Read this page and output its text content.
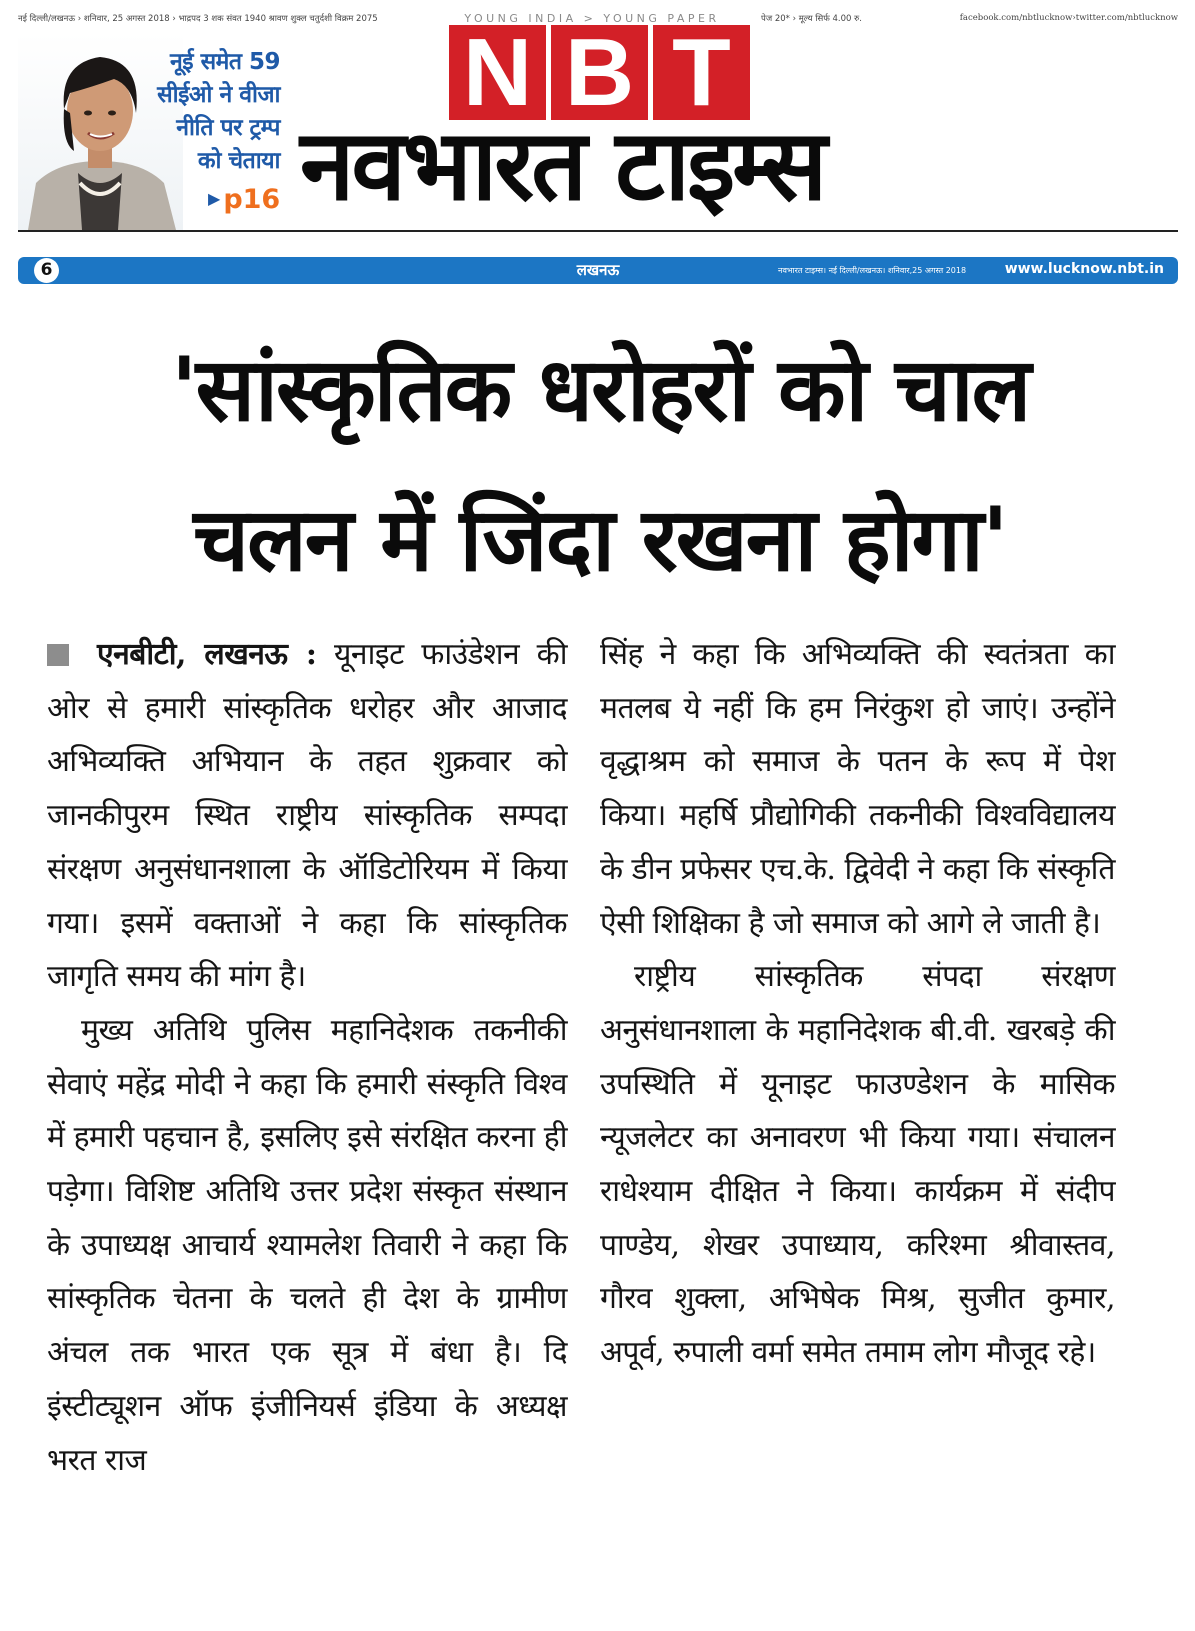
नई दिल्ली/लखनऊ › शनिवार, 25 अगस्त 2018 › भाद्रपद 3 शक संवत 1940 श्रावण शुक्ल चतुर्दशी विक्रम 2075	YOUNG INDIA > YOUNG PAPER	पेज 20* › मूल्य सिर्फ 4.00 रु.	facebook.com/nbtlucknow›twitter.com/nbtlucknow
नूई समेत 59
सीईओ ने वीजा
नीति पर ट्रम्प
को चेताया
▶ p16
N B T
नवभारत टाइम्स
6	लखनऊ	नवभारत टाइम्स। नई दिल्ली/लखनऊ। शनिवार,25 अगस्त 2018	www.lucknow.nbt.in
'सांस्कृतिक धरोहरों को चाल
चलन में जिंदा रखना होगा'

एनबीटी, लखनऊ : यूनाइट फाउंडेशन की ओर से हमारी सांस्कृतिक धरोहर और आजाद अभिव्यक्ति अभियान के तहत शुक्रवार को जानकीपुरम स्थित राष्ट्रीय सांस्कृतिक सम्पदा संरक्षण अनुसंधानशाला के ऑडिटोरियम में किया गया। इसमें वक्ताओं ने कहा कि सांस्कृतिक जागृति समय की मांग है।

मुख्य अतिथि पुलिस महानिदेशक तकनीकी सेवाएं महेंद्र मोदी ने कहा कि हमारी संस्कृति विश्व में हमारी पहचान है, इसलिए इसे संरक्षित करना ही पड़ेगा। विशिष्ट अतिथि उत्तर प्रदेश संस्कृत संस्थान के उपाध्यक्ष आचार्य श्यामलेश तिवारी ने कहा कि सांस्कृतिक चेतना के चलते ही देश के ग्रामीण अंचल तक भारत एक सूत्र में बंधा है। दि इंस्टीट्यूशन ऑफ इंजीनियर्स इंडिया के अध्यक्ष भरत राज

सिंह ने कहा कि अभिव्यक्ति की स्वतंत्रता का मतलब ये नहीं कि हम निरंकुश हो जाएं। उन्होंने वृद्धाश्रम को समाज के पतन के रूप में पेश किया। महर्षि प्रौद्योगिकी तकनीकी विश्वविद्यालय के डीन प्रफेसर एच.के. द्विवेदी ने कहा कि संस्कृति ऐसी शिक्षिका है जो समाज को आगे ले जाती है।

राष्ट्रीय सांस्कृतिक संपदा संरक्षण अनुसंधानशाला के महानिदेशक बी.वी. खरबड़े की उपस्थिति में यूनाइट फाउण्डेशन के मासिक न्यूजलेटर का अनावरण भी किया गया। संचालन राधेश्याम दीक्षित ने किया। कार्यक्रम में संदीप पाण्डेय, शेखर उपाध्याय, करिश्मा श्रीवास्तव, गौरव शुक्ला, अभिषेक मिश्र, सुजीत कुमार, अपूर्व, रुपाली वर्मा समेत तमाम लोग मौजूद रहे।
